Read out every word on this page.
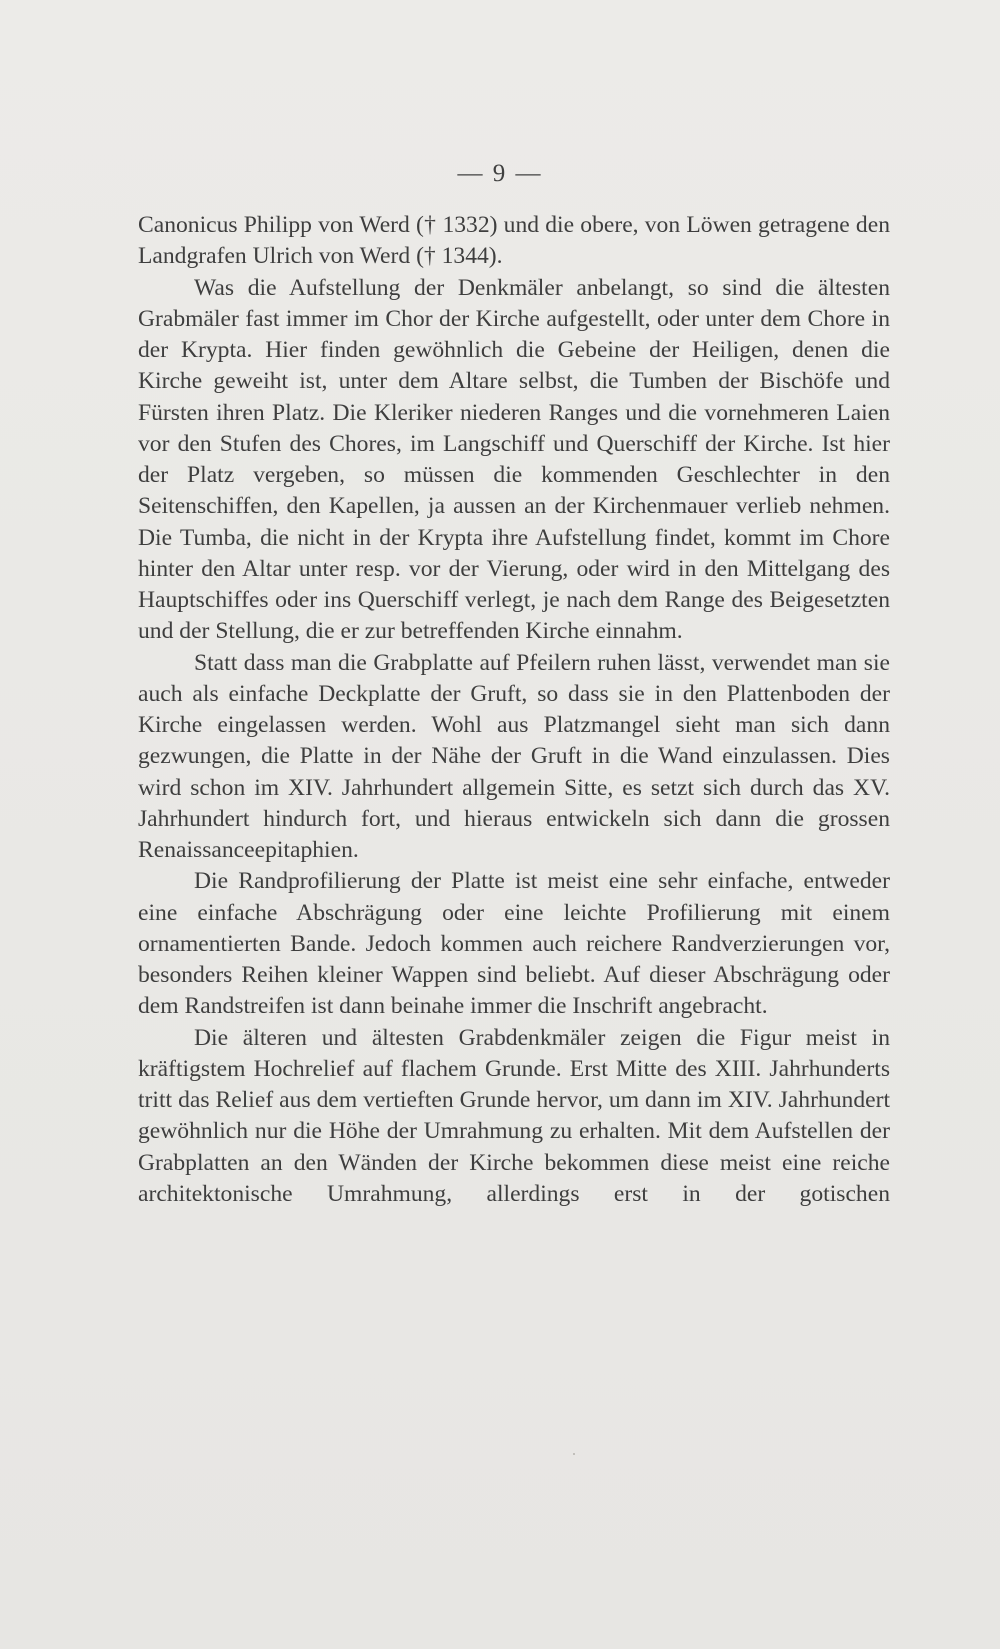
— 9 —

Canonicus Philipp von Werd († 1332) und die obere, von Löwen getragene den Landgrafen Ulrich von Werd († 1344).

Was die Aufstellung der Denkmäler anbelangt, so sind die ältesten Grabmäler fast immer im Chor der Kirche aufgestellt, oder unter dem Chore in der Krypta. Hier finden gewöhnlich die Gebeine der Heiligen, denen die Kirche geweiht ist, unter dem Altare selbst, die Tumben der Bischöfe und Fürsten ihren Platz. Die Kleriker niederen Ranges und die vornehmeren Laien vor den Stufen des Chores, im Langschiff und Querschiff der Kirche. Ist hier der Platz vergeben, so müssen die kommenden Geschlechter in den Seitenschiffen, den Kapellen, ja aussen an der Kirchenmauer verlieb nehmen. Die Tumba, die nicht in der Krypta ihre Aufstellung findet, kommt im Chore hinter den Altar unter resp. vor der Vierung, oder wird in den Mittelgang des Hauptschiffes oder ins Querschiff verlegt, je nach dem Range des Beigesetzten und der Stellung, die er zur betreffenden Kirche einnahm.

Statt dass man die Grabplatte auf Pfeilern ruhen lässt, verwendet man sie auch als einfache Deckplatte der Gruft, so dass sie in den Plattenboden der Kirche eingelassen werden. Wohl aus Platzmangel sieht man sich dann gezwungen, die Platte in der Nähe der Gruft in die Wand einzulassen. Dies wird schon im XIV. Jahrhundert allgemein Sitte, es setzt sich durch das XV. Jahrhundert hindurch fort, und hieraus entwickeln sich dann die grossen Renaissanceepitaphien.

Die Randprofilierung der Platte ist meist eine sehr einfache, entweder eine einfache Abschrägung oder eine leichte Profilierung mit einem ornamentierten Bande. Jedoch kommen auch reichere Randverzierungen vor, besonders Reihen kleiner Wappen sind beliebt. Auf dieser Abschrägung oder dem Randstreifen ist dann beinahe immer die Inschrift angebracht.

Die älteren und ältesten Grabdenkmäler zeigen die Figur meist in kräftigstem Hochrelief auf flachem Grunde. Erst Mitte des XIII. Jahrhunderts tritt das Relief aus dem vertieften Grunde hervor, um dann im XIV. Jahrhundert gewöhnlich nur die Höhe der Umrahmung zu erhalten. Mit dem Aufstellen der Grabplatten an den Wänden der Kirche bekommen diese meist eine reiche architektonische Umrahmung, allerdings erst in der gotischen
